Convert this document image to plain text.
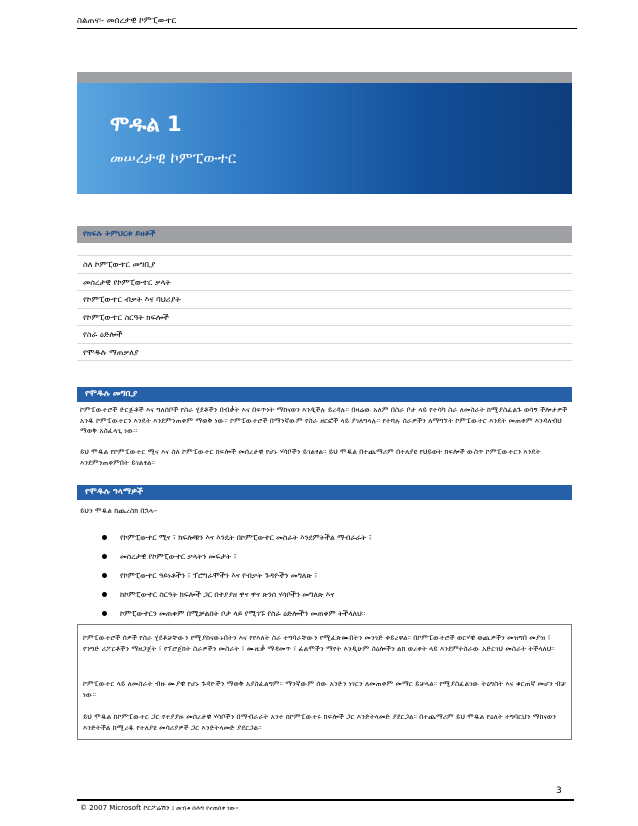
ስልጠና፡- መሰረታዊ ኮምፒውተር
ሞዱል 1
መሠረታዊ ኮምፒውተር
የክፍሉ ትምህርቱ ይዘቶች
ስለ ኮምፒውተር መግቢያ
መሰረታዊ የኮምፒውተር ቃላት
የኮምፒውተር ብቃት እና ባህሪያት
የኮምፒውተር ስርዓት ክፍሎች
የስራ ዕድሎች
የሞዱሉ ማጠቃለያ
የሞዱሉ መግቢያ

ኮምፒውተሮች ድርጅቶች እና ግለሰቦች የስራ ሂደቶችን በብቃት እና በፍጥነት ማከናወን እንዲችሉ ይረዳሉ። በዛሬው አለም በስራ ቦታ ላይ የተሳካ ስራ ለመስራት ከሚያስፈልጉ ወሳኝ ችሎታዎች አንዱ ኮምፒውተርን እንዴት እንደምንጠቀም ማወቅ ነው። ኮምፒውተሮች በማንኛውም የስራ ዘርፎች ላይ ያገለግላሉ። የተሻሉ ስራዎችን ለማግኘት ኮምፒውተር እንዴት መጠቀም እንዳለብህ ማወቅ አስፈላጊ ነው።

ይህ ሞዱል የኮምፒውተር ሚና እና ስለ ኮምፒውተር ክፍሎች መሰረታዊ የሆኑ ሃሳቦችን ይገልፃል። ይህ ሞዱል በተጨማሪም በተለያዩ የህይወት ክፍሎች ውስጥ ኮምፒውተርን እንዴት እንደምንጠቀምበት ይገልፃል።

የሞዱሉ ዓላማዎች

ይህን ሞዱል ከጨረስክ በኋላ፡-

የኮምፒውተር ሚና ፣ ክፍሎቹን እና እንዴት በኮምፒውተር መስራት እንደምትችል ማብራራት ፣
መሰረታዊ የኮምፒውተር ቃላትን መፍታት ፣
የኮምፒውተር ዓይነቶችን ፣ ፕሮግራሞችን እና የብቃት ጉዳዮችን መግለጽ ፣
ከኮምፒውተር ስርዓት ክፍሎች ጋር በተያያዘ ዋና ዋና ጽንሰ ሃሳቦችን መግለጽ እና
ኮምፒውተርን መጠቀም በሚቻልበት ቦታ ላይ የሚገኙ የስራ ዕድሎችን መጠቀም ትችላለህ።

ኮምፒውተሮች ሰዎች የስራ ሂደቶቻቸውን የሚያከናውኑበትን እና የየእለት ስራ ተግባራቸውን የሚፈጽሙበትን መንገድ ቀይረዋል። በኮምፒውተሮች ወርሃዊ ወጪዎችን መዝግበ መያዝ ፣ የንግድ ሪፖርቶችን ማዘጋጀት ፣ የፕሮጀክት ስራዎችን መስራት ፣ ሙዚቃ ማዳመጥ ፣ ፊልሞችን ማየት እንዲሁም ስዕሎችን ልክ ወረቀት ላይ እንደምትስራው አድርገህ መስራት ትችላለህ።

ኮምፒውተር ላይ ለመስራት ብዙ ሙያዊ የሆኑ ጉዳዮችን ማወቅ አያስፈልግም። ማንኛውም ሰው አንድን ነገርን ለመጠቀም መማር ይቻላል። የሚያስፈልገው ትዕግስት እና ቁርጠኛ መሆን ብቻ ነው።

ይህ ሞዱል ከኮምፒውተር ጋር የተያያዙ መሰረታዊ ሃሳቦችን በማብራራት አንተ ከኮምፒውተሩ ክፍሎች ጋር እንድትላመድ ያደርጋል። በተጨማሪም ይህ ሞዱል የዕለት ተግባርህን ማከናወን እንድትችል ከሚረዱ የተለያዩ መሳሪያዎች ጋር እንድትላመድ ያደርጋል።

3
© 2007 Microsoft ኮርፖሬሽን ፤ መብቱ በሕግ የተጠበቀ ነው።
